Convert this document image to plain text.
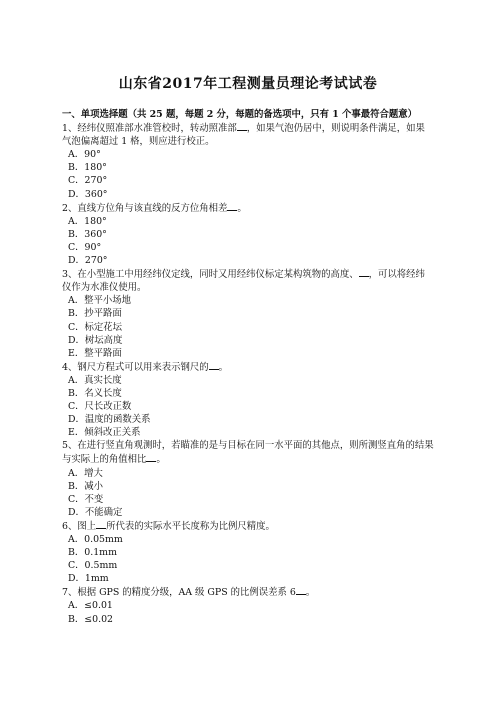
山东省2017年工程测量员理论考试试卷

一、单项选择题（共 25 题，每题 2 分，每题的备选项中，只有 1 个事最符合题意）

1、经纬仪照准部水准管校时，转动照准部 ，如果气泡仍居中，则说明条件满足，如果气泡偏离超过 1 格，则应进行校正。

A．90°

B．180°

C．270°

D．360°

2、直线方位角与该直线的反方位角相差 。

A．180°

B．360°

C．90°

D．270°

3、在小型施工中用经纬仪定线，同时又用经纬仪标定某构筑物的高度、 ，可以将经纬仪作为水准仪使用。

A．整平小场地

B．抄平路面

C．标定花坛

D．树坛高度

E．整平路面

4、钢尺方程式可以用来表示钢尺的 。

A．真实长度

B．名义长度

C．尺长改正数

D．温度的函数关系

E．倾斜改正关系

5、在进行竖直角观测时，若瞄准的是与目标在同一水平面的其他点，则所测竖直角的结果与实际上的角值相比 。

A．增大

B．减小

C．不变

D．不能确定

6、图上 所代表的实际水平长度称为比例尺精度。

A．0.05mm

B．0.1mm

C．0.5mm

D．1mm

7、根据 GPS 的精度分级，AA 级 GPS 的比例误差系 6 。

A．≤0.01

B．≤0.02
